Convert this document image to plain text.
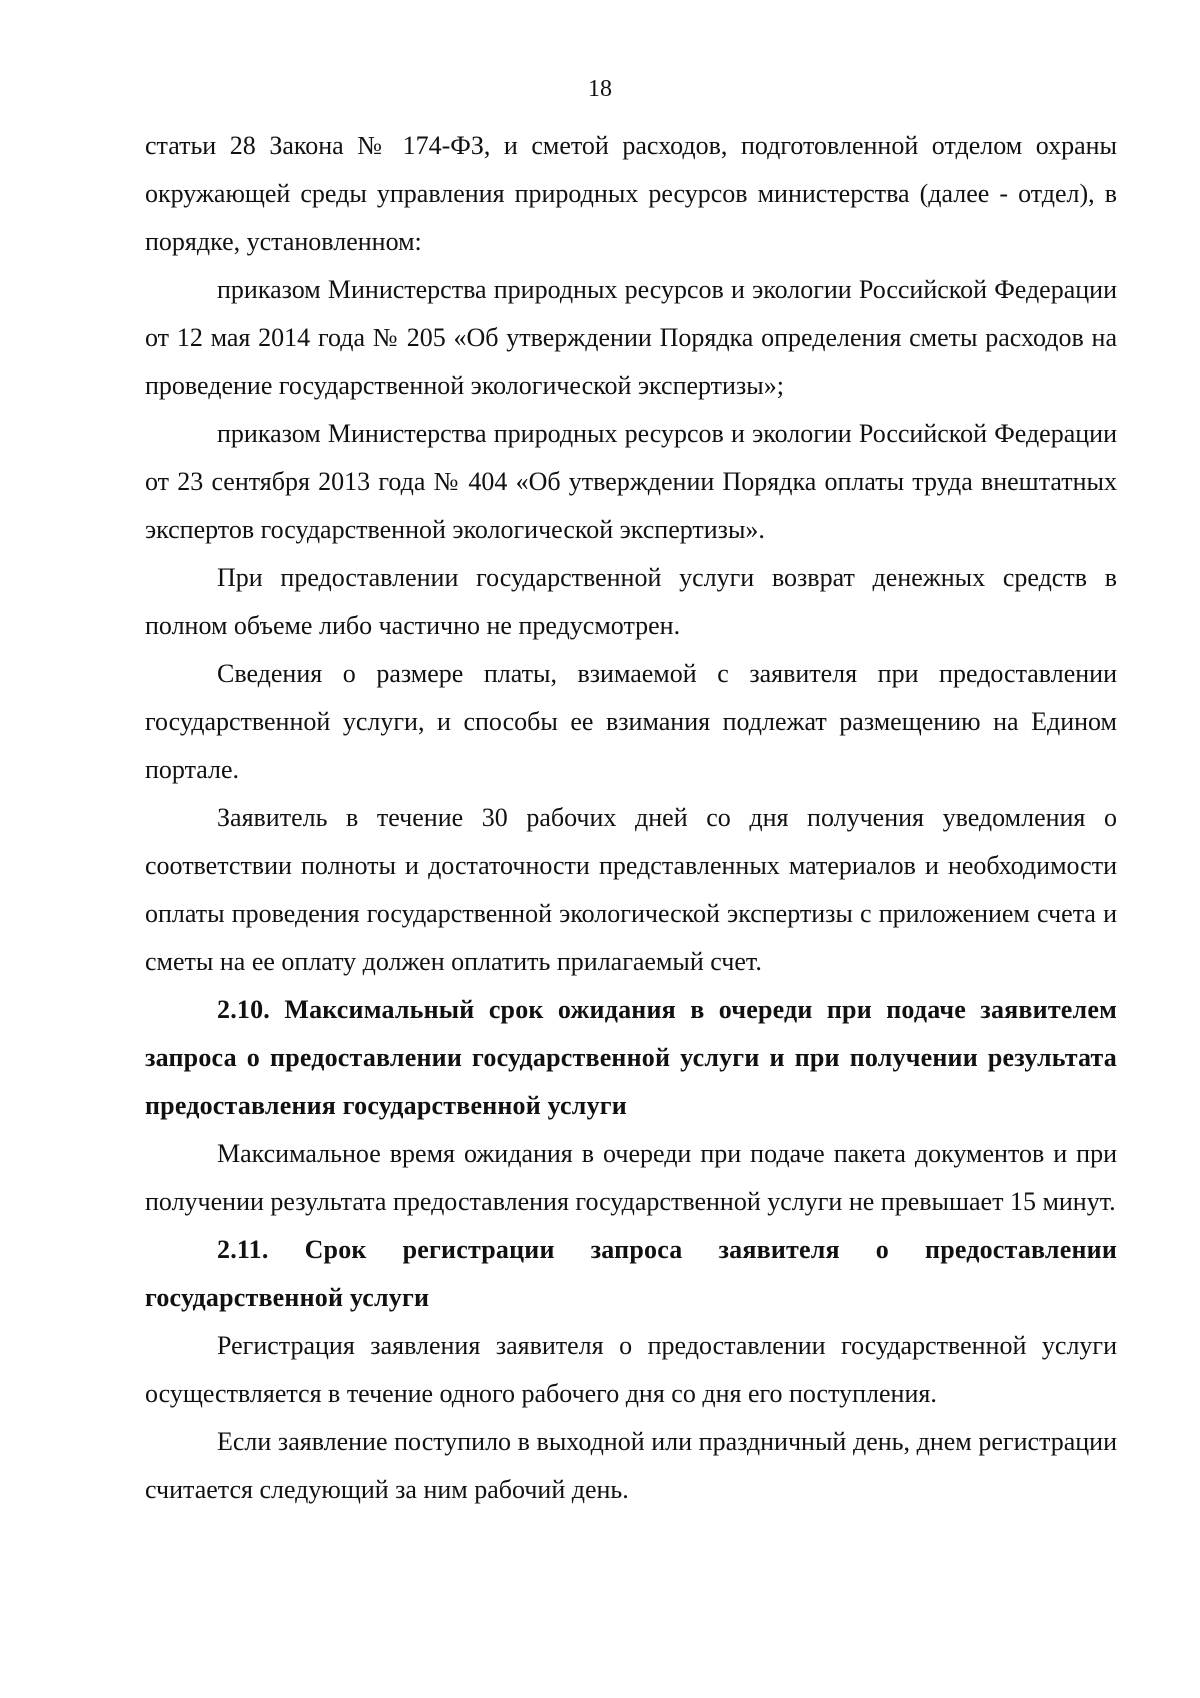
18

статьи 28 Закона № 174-ФЗ, и сметой расходов, подготовленной отделом охраны окружающей среды управления природных ресурсов министерства (далее - отдел), в порядке, установленном:

приказом Министерства природных ресурсов и экологии Российской Федерации от 12 мая 2014 года № 205 «Об утверждении Порядка определения сметы расходов на проведение государственной экологической экспертизы»;

приказом Министерства природных ресурсов и экологии Российской Федерации от 23 сентября 2013 года № 404 «Об утверждении Порядка оплаты труда внештатных экспертов государственной экологической экспертизы».

При предоставлении государственной услуги возврат денежных средств в полном объеме либо частично не предусмотрен.

Сведения о размере платы, взимаемой с заявителя при предоставлении государственной услуги, и способы ее взимания подлежат размещению на Едином портале.

Заявитель в течение 30 рабочих дней со дня получения уведомления о соответствии полноты и достаточности представленных материалов и необходимости оплаты проведения государственной экологической экспертизы с приложением счета и сметы на ее оплату должен оплатить прилагаемый счет.

2.10. Максимальный срок ожидания в очереди при подаче заявителем запроса о предоставлении государственной услуги и при получении результата предоставления государственной услуги

Максимальное время ожидания в очереди при подаче пакета документов и при получении результата предоставления государственной услуги не превышает 15 минут.

2.11. Срок регистрации запроса заявителя о предоставлении государственной услуги

Регистрация заявления заявителя о предоставлении государственной услуги осуществляется в течение одного рабочего дня со дня его поступления.

Если заявление поступило в выходной или праздничный день, днем регистрации считается следующий за ним рабочий день.
